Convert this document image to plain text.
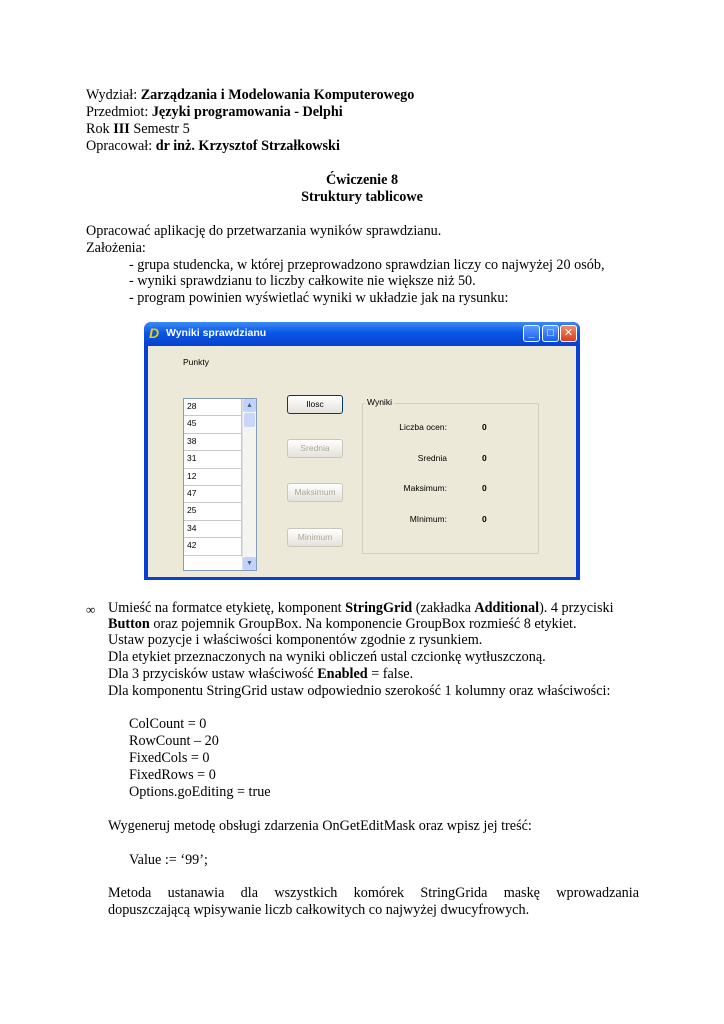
Wydział: Zarządzania i Modelowania Komputerowego
Przedmiot: Języki programowania - Delphi
Rok III Semestr 5
Opracował: dr inż. Krzysztof Strzałkowski
Ćwiczenie 8
Struktury tablicowe
Opracować aplikację do przetwarzania wyników sprawdzianu.
Założenia:
- grupa studencka, w której przeprowadzono sprawdzian liczy co najwyżej 20 osób,
- wyniki sprawdzianu to liczby całkowite nie większe niż 50.
- program powinien wyświetlać wyniki w układzie jak na rysunku:
D Wyniki sprawdzianu	_	□ ✕
Punkty
28
45
38
31
12
47
25
34
42
▲
▼
Ilosc
Srednia
Maksimum
Minimum
Wyniki
Liczba ocen:	0
Srednia	0
Maksimum:	0
MInimum:	0
∞ Umieść na formatce etykietę, komponent StringGrid (zakładka Additional). 4 przyciski
Button oraz pojemnik GroupBox. Na komponencie GroupBox rozmieść 8 etykiet.
Ustaw pozycje i właściwości komponentów zgodnie z rysunkiem.
Dla etykiet przeznaczonych na wyniki obliczeń ustal czcionkę wytłuszczoną.
Dla 3 przycisków ustaw właściwość Enabled = false.
Dla komponentu StringGrid ustaw odpowiednio szerokość 1 kolumny oraz właściwości:
ColCount = 0
RowCount – 20
FixedCols = 0
FixedRows = 0
Options.goEditing = true
Wygeneruj metodę obsługi zdarzenia OnGetEditMask oraz wpisz jej treść:
Value := ‘99’;
Metoda ustanawia dla wszystkich komórek StringGrida maskę wprowadzania
dopuszczającą wpisywanie liczb całkowitych co najwyżej dwucyfrowych.
